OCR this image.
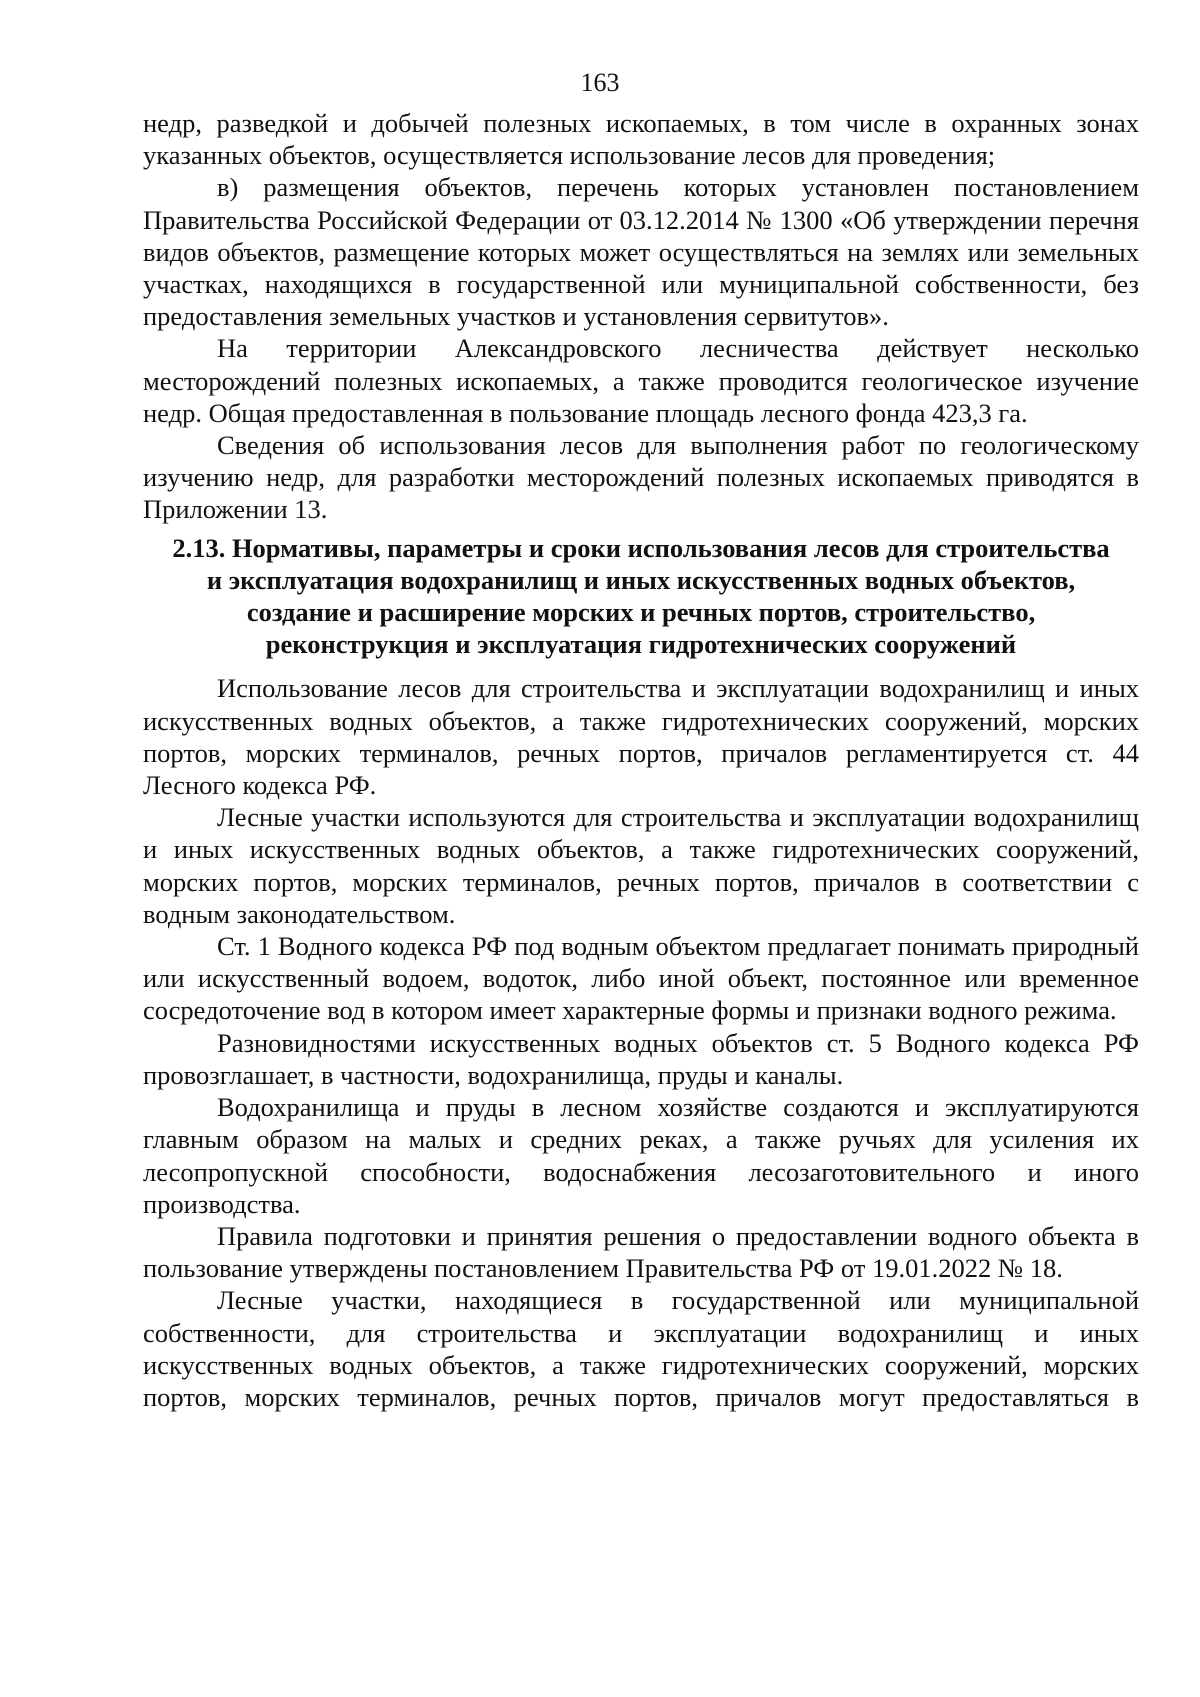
163

недр, разведкой и добычей полезных ископаемых, в том числе в охранных зонах указанных объектов, осуществляется использование лесов для проведения;

в) размещения объектов, перечень которых установлен постановлением Правительства Российской Федерации от 03.12.2014 № 1300 «Об утверждении перечня видов объектов, размещение которых может осуществляться на землях или земельных участках, находящихся в государственной или муниципальной собственности, без предоставления земельных участков и установления сервитутов».

На территории Александровского лесничества действует несколько месторождений полезных ископаемых, а также проводится геологическое изучение недр. Общая предоставленная в пользование площадь лесного фонда 423,3 га.

Сведения об использования лесов для выполнения работ по геологическому изучению недр, для разработки месторождений полезных ископаемых приводятся в Приложении 13.

2.13. Нормативы, параметры и сроки использования лесов для строительства
и эксплуатация водохранилищ и иных искусственных водных объектов,
создание и расширение морских и речных портов, строительство,
реконструкция и эксплуатация гидротехнических сооружений

Использование лесов для строительства и эксплуатации водохранилищ и иных искусственных водных объектов, а также гидротехнических сооружений, морских портов, морских терминалов, речных портов, причалов регламентируется ст. 44 Лесного кодекса РФ.

Лесные участки используются для строительства и эксплуатации водохранилищ и иных искусственных водных объектов, а также гидротехнических сооружений, морских портов, морских терминалов, речных портов, причалов в соответствии с водным законодательством.

Ст. 1 Водного кодекса РФ под водным объектом предлагает понимать природный или искусственный водоем, водоток, либо иной объект, постоянное или временное сосредоточение вод в котором имеет характерные формы и признаки водного режима.

Разновидностями искусственных водных объектов ст. 5 Водного кодекса РФ провозглашает, в частности, водохранилища, пруды и каналы.

Водохранилища и пруды в лесном хозяйстве создаются и эксплуатируются главным образом на малых и средних реках, а также ручьях для усиления их лесопропускной способности, водоснабжения лесозаготовительного и иного производства.

Правила подготовки и принятия решения о предоставлении водного объекта в пользование утверждены постановлением Правительства РФ от 19.01.2022 № 18.

Лесные участки, находящиеся в государственной или муниципальной собственности, для строительства и эксплуатации водохранилищ и иных искусственных водных объектов, а также гидротехнических сооружений, морских портов, морских терминалов, речных портов, причалов могут предоставляться в
